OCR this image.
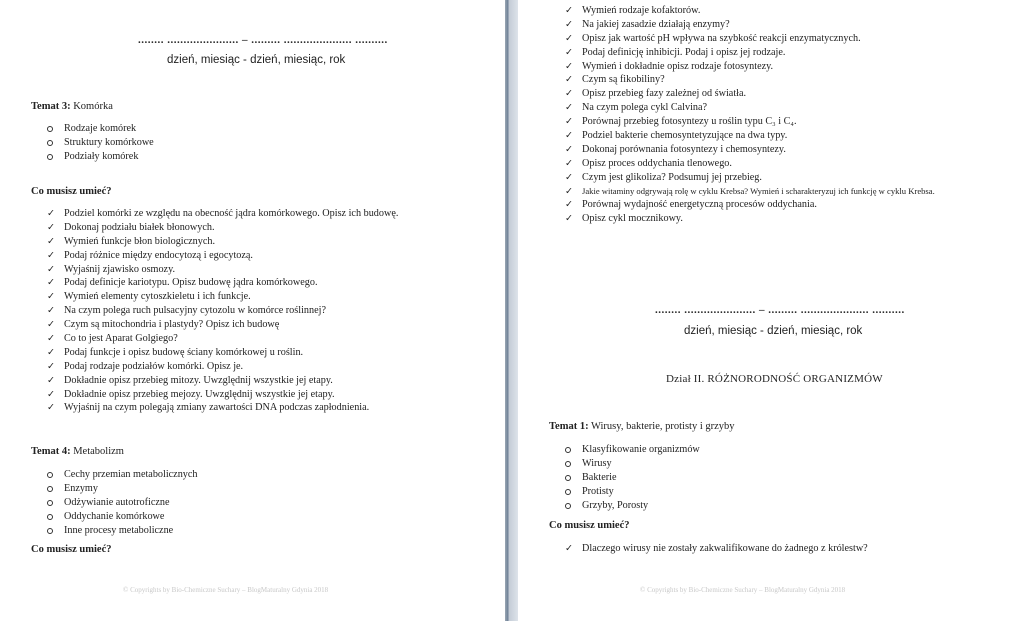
........ ...................... – ......... ..................... ..........
dzień, miesiąc - dzień, miesiąc, rok
Temat 3: Komórka
Rodzaje komórek
Struktury komórkowe
Podziały komórek
Co musisz umieć?
✓ Podziel komórki ze względu na obecność jądra komórkowego. Opisz ich budowę.
✓ Dokonaj podziału białek błonowych.
✓ Wymień funkcje błon biologicznych.
✓ Podaj różnice między endocytozą i egocytozą.
✓ Wyjaśnij zjawisko osmozy.
✓ Podaj definicje kariotypu. Opisz budowę jądra komórkowego.
✓ Wymień elementy cytoszkieletu i ich funkcje.
✓ Na czym polega ruch pulsacyjny cytozolu w komórce roślinnej?
✓ Czym są mitochondria i plastydy? Opisz ich budowę
✓ Co to jest Aparat Golgiego?
✓ Podaj funkcje i opisz budowę ściany komórkowej u roślin.
✓ Podaj rodzaje podziałów komórki. Opisz je.
✓ Dokładnie opisz przebieg mitozy. Uwzględnij wszystkie jej etapy.
✓ Dokładnie opisz przebieg mejozy. Uwzględnij wszystkie jej etapy.
✓ Wyjaśnij na czym polegają zmiany zawartości DNA podczas zapłodnienia.
Temat 4: Metabolizm
Cechy przemian metabolicznych
Enzymy
Odżywianie autotroficzne
Oddychanie komórkowe
Inne procesy metaboliczne
Co musisz umieć?
© Copyrights by Bio-Chemiczne Suchary – BlogMaturalny Gdynia 2018
✓ Wymień rodzaje kofaktorów.
✓ Na jakiej zasadzie działają enzymy?
✓ Opisz jak wartość pH wpływa na szybkość reakcji enzymatycznych.
✓ Podaj definicję inhibicji. Podaj i opisz jej rodzaje.
✓ Wymień i dokładnie opisz rodzaje fotosyntezy.
✓ Czym są fikobiliny?
✓ Opisz przebieg fazy zależnej od światła.
✓ Na czym polega cykl Calvina?
✓ Porównaj przebieg fotosyntezy u roślin typu C₃ i C₄.
✓ Podziel bakterie chemosyntetyzujące na dwa typy.
✓ Dokonaj porównania fotosyntezy i chemosyntezy.
✓ Opisz proces oddychania tlenowego.
✓ Czym jest glikoliza? Podsumuj jej przebieg.
✓ Jakie witaminy odgrywają rolę w cyklu Krebsa? Wymień i scharakteryzuj ich funkcję w cyklu Krebsa.
✓ Porównaj wydajność energetyczną procesów oddychania.
✓ Opisz cykl mocznikowy.
........ ...................... – ......... ..................... ..........
dzień, miesiąc - dzień, miesiąc, rok
Dział II. RÓŻNORODNOŚĆ ORGANIZMÓW
Temat 1: Wirusy, bakterie, protisty i grzyby
Klasyfikowanie organizmów
Wirusy
Bakterie
Protisty
Grzyby, Porosty
Co musisz umieć?
✓ Dlaczego wirusy nie zostały zakwalifikowane do żadnego z królestw?
© Copyrights by Bio-Chemiczne Suchary – BlogMaturalny Gdynia 2018
